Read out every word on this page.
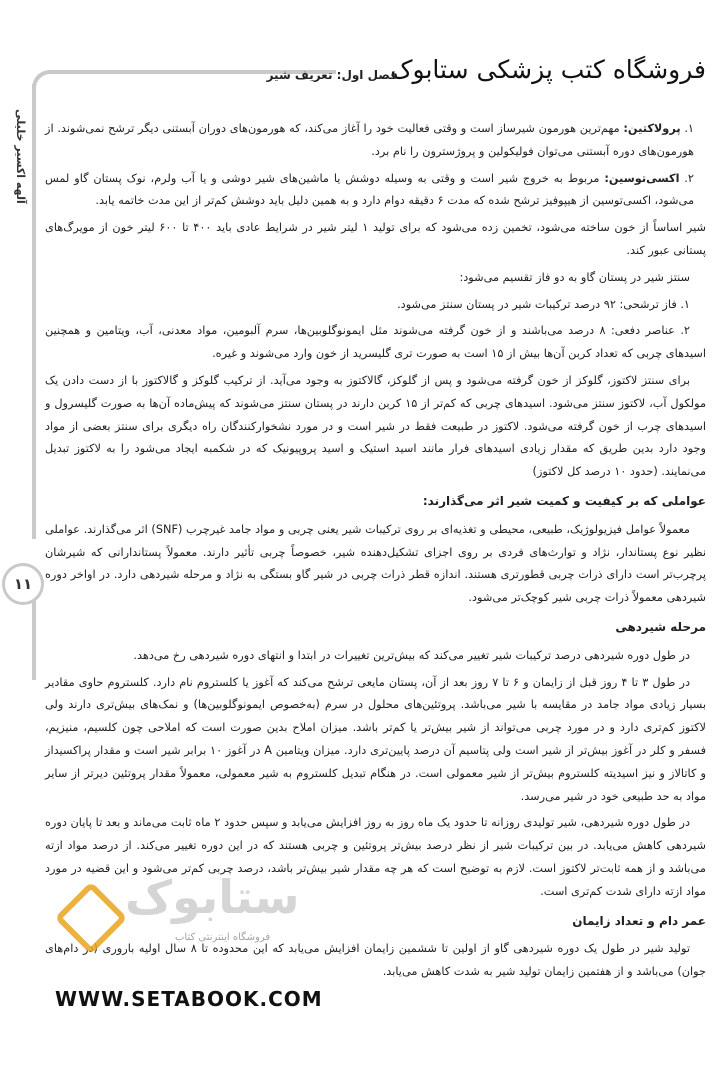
آلهه اکسیر خلیلی
۱۱
فروشگاه کتب پزشکی ستابوک
فصل اول: تعریف شیر

۱. پرولاکتین: مهم‌ترین هورمون شیرساز است و وقتی فعالیت خود را آغاز می‌کند، که هورمون‌های دوران آبستنی دیگر ترشح نمی‌شوند. از هورمون‌های دوره آبستنی می‌توان فولیکولین و پروژسترون را نام برد.

۲. اکسی‌توسین: مربوط به خروج شیر است و وقتی به وسیله دوشش یا ماشین‌های شیر دوشی و یا آب ولرم، نوک پستان گاو لمس می‌شود، اکسی‌توسین از هیپوفیز ترشح شده که مدت ۶ دقیقه دوام دارد و به همین دلیل باید دوشش کم‌تر از این مدت خاتمه یابد.

شیر اساساً از خون ساخته می‌شود، تخمین زده می‌شود که برای تولید ۱ لیتر شیر در شرایط عادی باید ۴۰۰ تا ۶۰۰ لیتر خون از مویرگ‌های پستانی عبور کند.

سنتز شیر در پستان گاو به دو فاز تقسیم می‌شود:

۱. فاز ترشحی: ۹۲ درصد ترکیبات شیر در پستان سنتز می‌شود.

۲. عناصر دفعی: ۸ درصد می‌باشند و از خون گرفته می‌شوند مثل ایمونوگلوبین‌ها، سرم آلبومین، مواد معدنی، آب، ویتامین و همچنین اسیدهای چربی که تعداد کربن آن‌ها بیش از ۱۵ است به صورت تری گلیسرید از خون وارد می‌شوند و غیره.

برای سنتز لاکتوز، گلوکز از خون گرفته می‌شود و پس از گلوکز، گالاکتوز به وجود می‌آید. از ترکیب گلوکز و گالاکتوز با از دست دادن یک مولکول آب، لاکتوز سنتز می‌شود. اسیدهای چربی که کم‌تر از ۱۵ کربن دارند در پستان سنتز می‌شوند که پیش‌ماده آن‌ها به صورت گلیسرول و اسیدهای چرب از خون گرفته می‌شود. لاکتوز در طبیعت فقط در شیر است و در مورد نشخوارکنندگان راه دیگری برای سنتز بعضی از مواد وجود دارد بدین طریق که مقدار زیادی اسیدهای فرار مانند اسید استیک و اسید پروپیونیک که در شکمبه ایجاد می‌شود را به لاکتوز تبدیل می‌نمایند. (حدود ۱۰ درصد کل لاکتوز)

عواملی که بر کیفیت و کمیت شیر اثر می‌گذارند:

معمولاً عوامل فیزیولوژیک، طبیعی، محیطی و تغذیه‌ای بر روی ترکیبات شیر یعنی چربی و مواد جامد غیرچرب (SNF) اثر می‌گذارند. عواملی نظیر نوع پستاندار، نژاد و توارث‌های فردی بر روی اجزای تشکیل‌دهنده شیر، خصوصاً چربی تأثیر دارند. معمولاً پستاندارانی که شیرشان پرچرب‌تر است دارای ذرات چربی قطورتری هستند. اندازه قطر ذرات چربی در شیر گاو بستگی به نژاد و مرحله شیردهی دارد. در اواخر دوره شیردهی معمولاً ذرات چربی شیر کوچک‌تر می‌شود.

مرحله شیردهی

در طول دوره شیردهی درصد ترکیبات شیر تغییر می‌کند که بیش‌ترین تغییرات در ابتدا و انتهای دوره شیردهی رخ می‌دهد.

در طول ۳ تا ۴ روز قبل از زایمان و ۶ تا ۷ روز بعد از آن، پستان مایعی ترشح می‌کند که آغوز یا کلستروم نام دارد. کلستروم حاوی مقادیر بسیار زیادی مواد جامد در مقایسه با شیر می‌باشد. پروتئین‌های محلول در سرم (به‌خصوص ایمونوگلوبین‌ها) و نمک‌های بیش‌تری دارند ولی لاکتوز کم‌تری دارد و در مورد چربی می‌تواند از شیر بیش‌تر یا کم‌تر باشد. میزان املاح بدین صورت است که املاحی چون کلسیم، منیزیم، فسفر و کلر در آغوز بیش‌تر از شیر است ولی پتاسیم آن درصد پایین‌تری دارد. میزان ویتامین A در آغوز ۱۰ برابر شیر است و مقدار پراکسیداز و کاتالاز و نیز اسیدیته کلستروم بیش‌تر از شیر معمولی است. در هنگام تبدیل کلستروم به شیر معمولی، معمولاً مقدار پروتئین دیرتر از سایر مواد به حد طبیعی خود در شیر می‌رسد.

در طول دوره شیردهی، شیر تولیدی روزانه تا حدود یک ماه روز به روز افزایش می‌یابد و سپس حدود ۲ ماه ثابت می‌ماند و بعد تا پایان دوره شیردهی کاهش می‌یابد. در بین ترکیبات شیر از نظر درصد بیش‌تر پروتئین و چربی هستند که در این دوره تغییر می‌کند. از درصد مواد ازته می‌باشد و از همه ثابت‌تر لاکتوز است. لازم به توضیح است که هر چه مقدار شیر بیش‌تر باشد، درصد چربی کم‌تر می‌شود و این قضیه در مورد مواد ازته دارای شدت کم‌تری است.

عمر دام و تعداد زایمان

تولید شیر در طول یک دوره شیردهی گاو از اولین تا ششمین زایمان افزایش می‌یابد که این محدوده تا ۸ سال اولیه باروری (در دام‌های جوان) می‌باشد و از هفتمین زایمان تولید شیر به شدت کاهش می‌یابد.

ستابوک
فروشگاه اینترنتی کتاب
WWW.SETABOOK.COM
